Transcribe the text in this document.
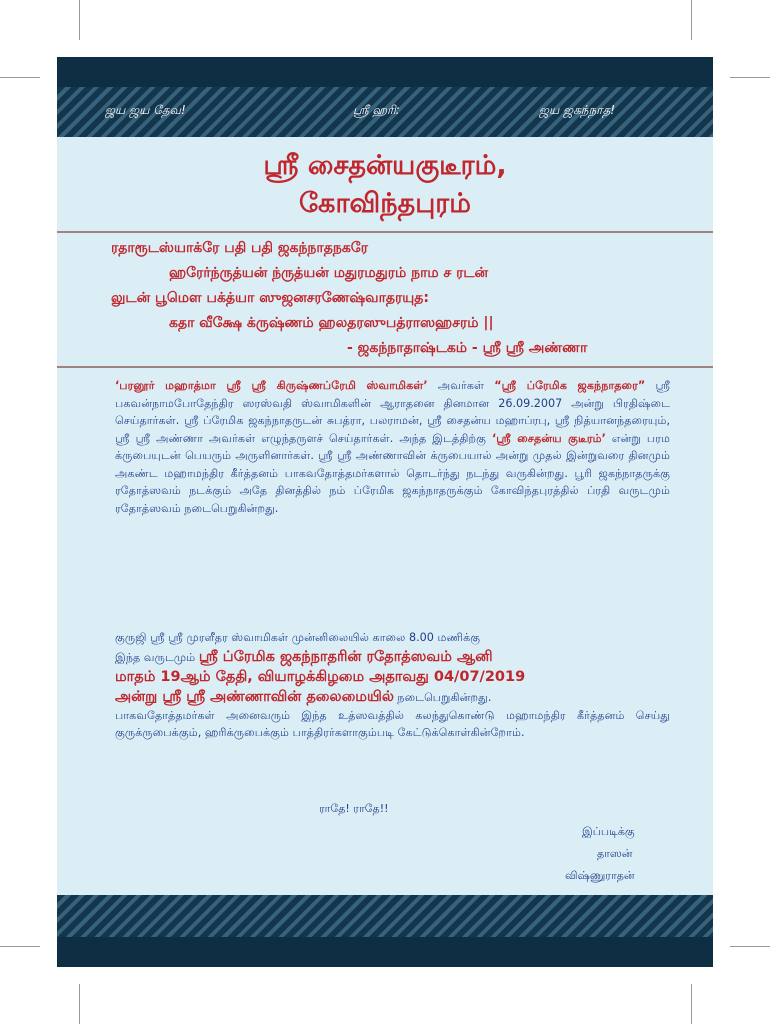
ஜய ஜய தேவ!	ஸ்ரீ ஹரி:	ஜய ஜகந்நாத!
ஸ்ரீ சைதன்யகுடீரம்,
கோவிந்தபுரம்
ரதாரூடஸ்யாக்ரே பதி பதி ஜகந்நாதநகரே
ஹரேர்ந்ருத்யன் ந்ருத்யன் மதுரமதுரம் நாம ச ரடன்
லுடன் பூமௌ பக்த்யா ஸுஜனசரணேஷ்வாதரயுத:
கதா வீக்ஷே க்ருஷ்ணம் ஹலதரஸுபத்ராஸஹசரம் ||
- ஜகந்நாதாஷ்டகம் - ஸ்ரீ ஸ்ரீ அண்ணா
‘பரனூர் மஹாத்மா ஸ்ரீ ஸ்ரீ கிருஷ்ணப்ரேமி ஸ்வாமிகள்’ அவர்கள் “ஸ்ரீ ப்ரேமிக ஜகந்நாதரை” ஸ்ரீ பகவன்நாமபோதேந்திர ஸரஸ்வதி ஸ்வாமிகளின் ஆராதனை தினமான 26.09.2007 அன்று பிரதிஷ்டை செய்தார்கள். ஸ்ரீ ப்ரேமிக ஜகந்நாதருடன் சுபத்ரா, பலராமன், ஸ்ரீ சைதன்ய மஹாப்ரபு, ஸ்ரீ நித்யானந்தரையும், ஸ்ரீ ஸ்ரீ அண்ணா அவர்கள் எழுந்தருளச் செய்தார்கள். அந்த இடத்திற்கு ‘ஸ்ரீ சைதன்ய குடீரம்’ என்று பரம க்ருபையுடன் பெயரும் அருளினார்கள். ஸ்ரீ ஸ்ரீ அண்ணாவின் க்ருபையால் அன்று முதல் இன்றுவரை தினமும் அகண்ட மஹாமந்திர கீர்த்தனம் பாகவதோத்தமர்களால் தொடர்ந்து நடந்து வருகின்றது. பூரி ஜகந்நாதருக்கு ரதோத்ஸவம் நடக்கும் அதே தினத்தில் நம் ப்ரேமிக ஜகந்நாதருக்கும் கோவிந்தபுரத்தில் ப்ரதி வருடமும் ரதோத்ஸவம் நடைபெறுகின்றது.
குருஜி ஸ்ரீ ஸ்ரீ முரளீதர ஸ்வாமிகள் முன்னிலையில் காலை 8.00 மணிக்கு
இந்த வருடமும் ஸ்ரீ ப்ரேமிக ஜகந்நாதரின் ரதோத்ஸவம் ஆனி

மாதம் 19ஆம் தேதி, வியாழக்கிழமை அதாவது 04/07/2019
அன்று ஸ்ரீ ஸ்ரீ அண்ணாவின் தலைமையில் நடைபெறுகின்றது.
பாகவதோத்தமர்கள் அனைவரும் இந்த உத்ஸவத்தில் கலந்துகொண்டு மஹாமந்திர கீர்த்தனம் செய்து குருக்ருபைக்கும், ஹரிக்ருபைக்கும் பாத்திரர்களாகும்படி கேட்டுக்கொள்கின்றோம்.
ராதே! ராதே!!
இப்படிக்கு
தாஸன்
விஷ்ணுராதன்
